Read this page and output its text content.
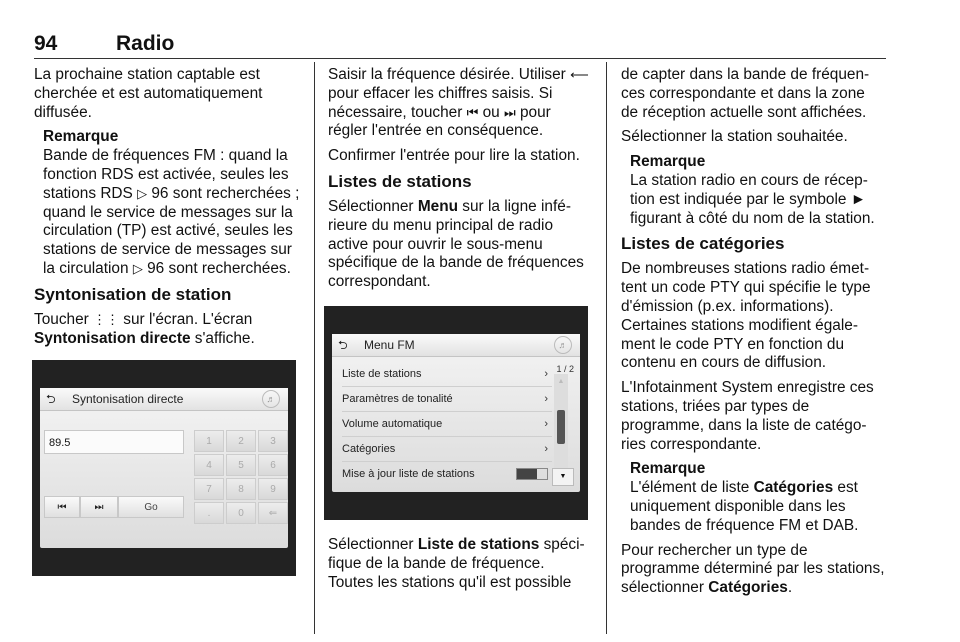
94	Radio

La prochaine station captable est cherchée et est automatiquement diffusée.

Remarque
Bande de fréquences FM : quand la fonction RDS est activée, seules les stations RDS ▷ 96 sont recherchées ; quand le service de messages sur la circulation (TP) est activé, seules les stations de service de messages sur la circulation ▷ 96 sont recherchées.
Syntonisation de station

Toucher ⋮⋮ sur l'écran. L'écran Syntonisation directe s'affiche.

⮌ Syntonisation directe	♬
89.5
⏮	⏭	Go
1	2	3
4	5	6
7	8	9
.	0	⇐

Saisir la fréquence désirée. Utiliser ⟵ pour effacer les chiffres saisis. Si nécessaire, toucher ⏮ ou ⏭ pour régler l'entrée en conséquence.

Confirmer l'entrée pour lire la station.

Listes de stations

Sélectionner Menu sur la ligne inférieure du menu principal de radio active pour ouvrir le sous-menu spécifique de la bande de fréquences correspondant.

⮌ Menu FM	♬
Liste de stations	›
Paramètres de tonalité	›
Volume automatique	›
Catégories	›
Mise à jour liste de stations
1 / 2
▲
▼

Sélectionner Liste de stations spécifique de la bande de fréquence. Toutes les stations qu'il est possible

de capter dans la bande de fréquences correspondante et dans la zone de réception actuelle sont affichées.

Sélectionner la station souhaitée.

Remarque
La station radio en cours de réception est indiquée par le symbole ► figurant à côté du nom de la station.
Listes de catégories

De nombreuses stations radio émettent un code PTY qui spécifie le type d'émission (p.ex. informations). Certaines stations modifient également le code PTY en fonction du contenu en cours de diffusion.

L'Infotainment System enregistre ces stations, triées par types de programme, dans la liste de catégories correspondante.

Remarque
L'élément de liste Catégories est uniquement disponible dans les bandes de fréquence FM et DAB.

Pour rechercher un type de programme déterminé par les stations, sélectionner Catégories.
